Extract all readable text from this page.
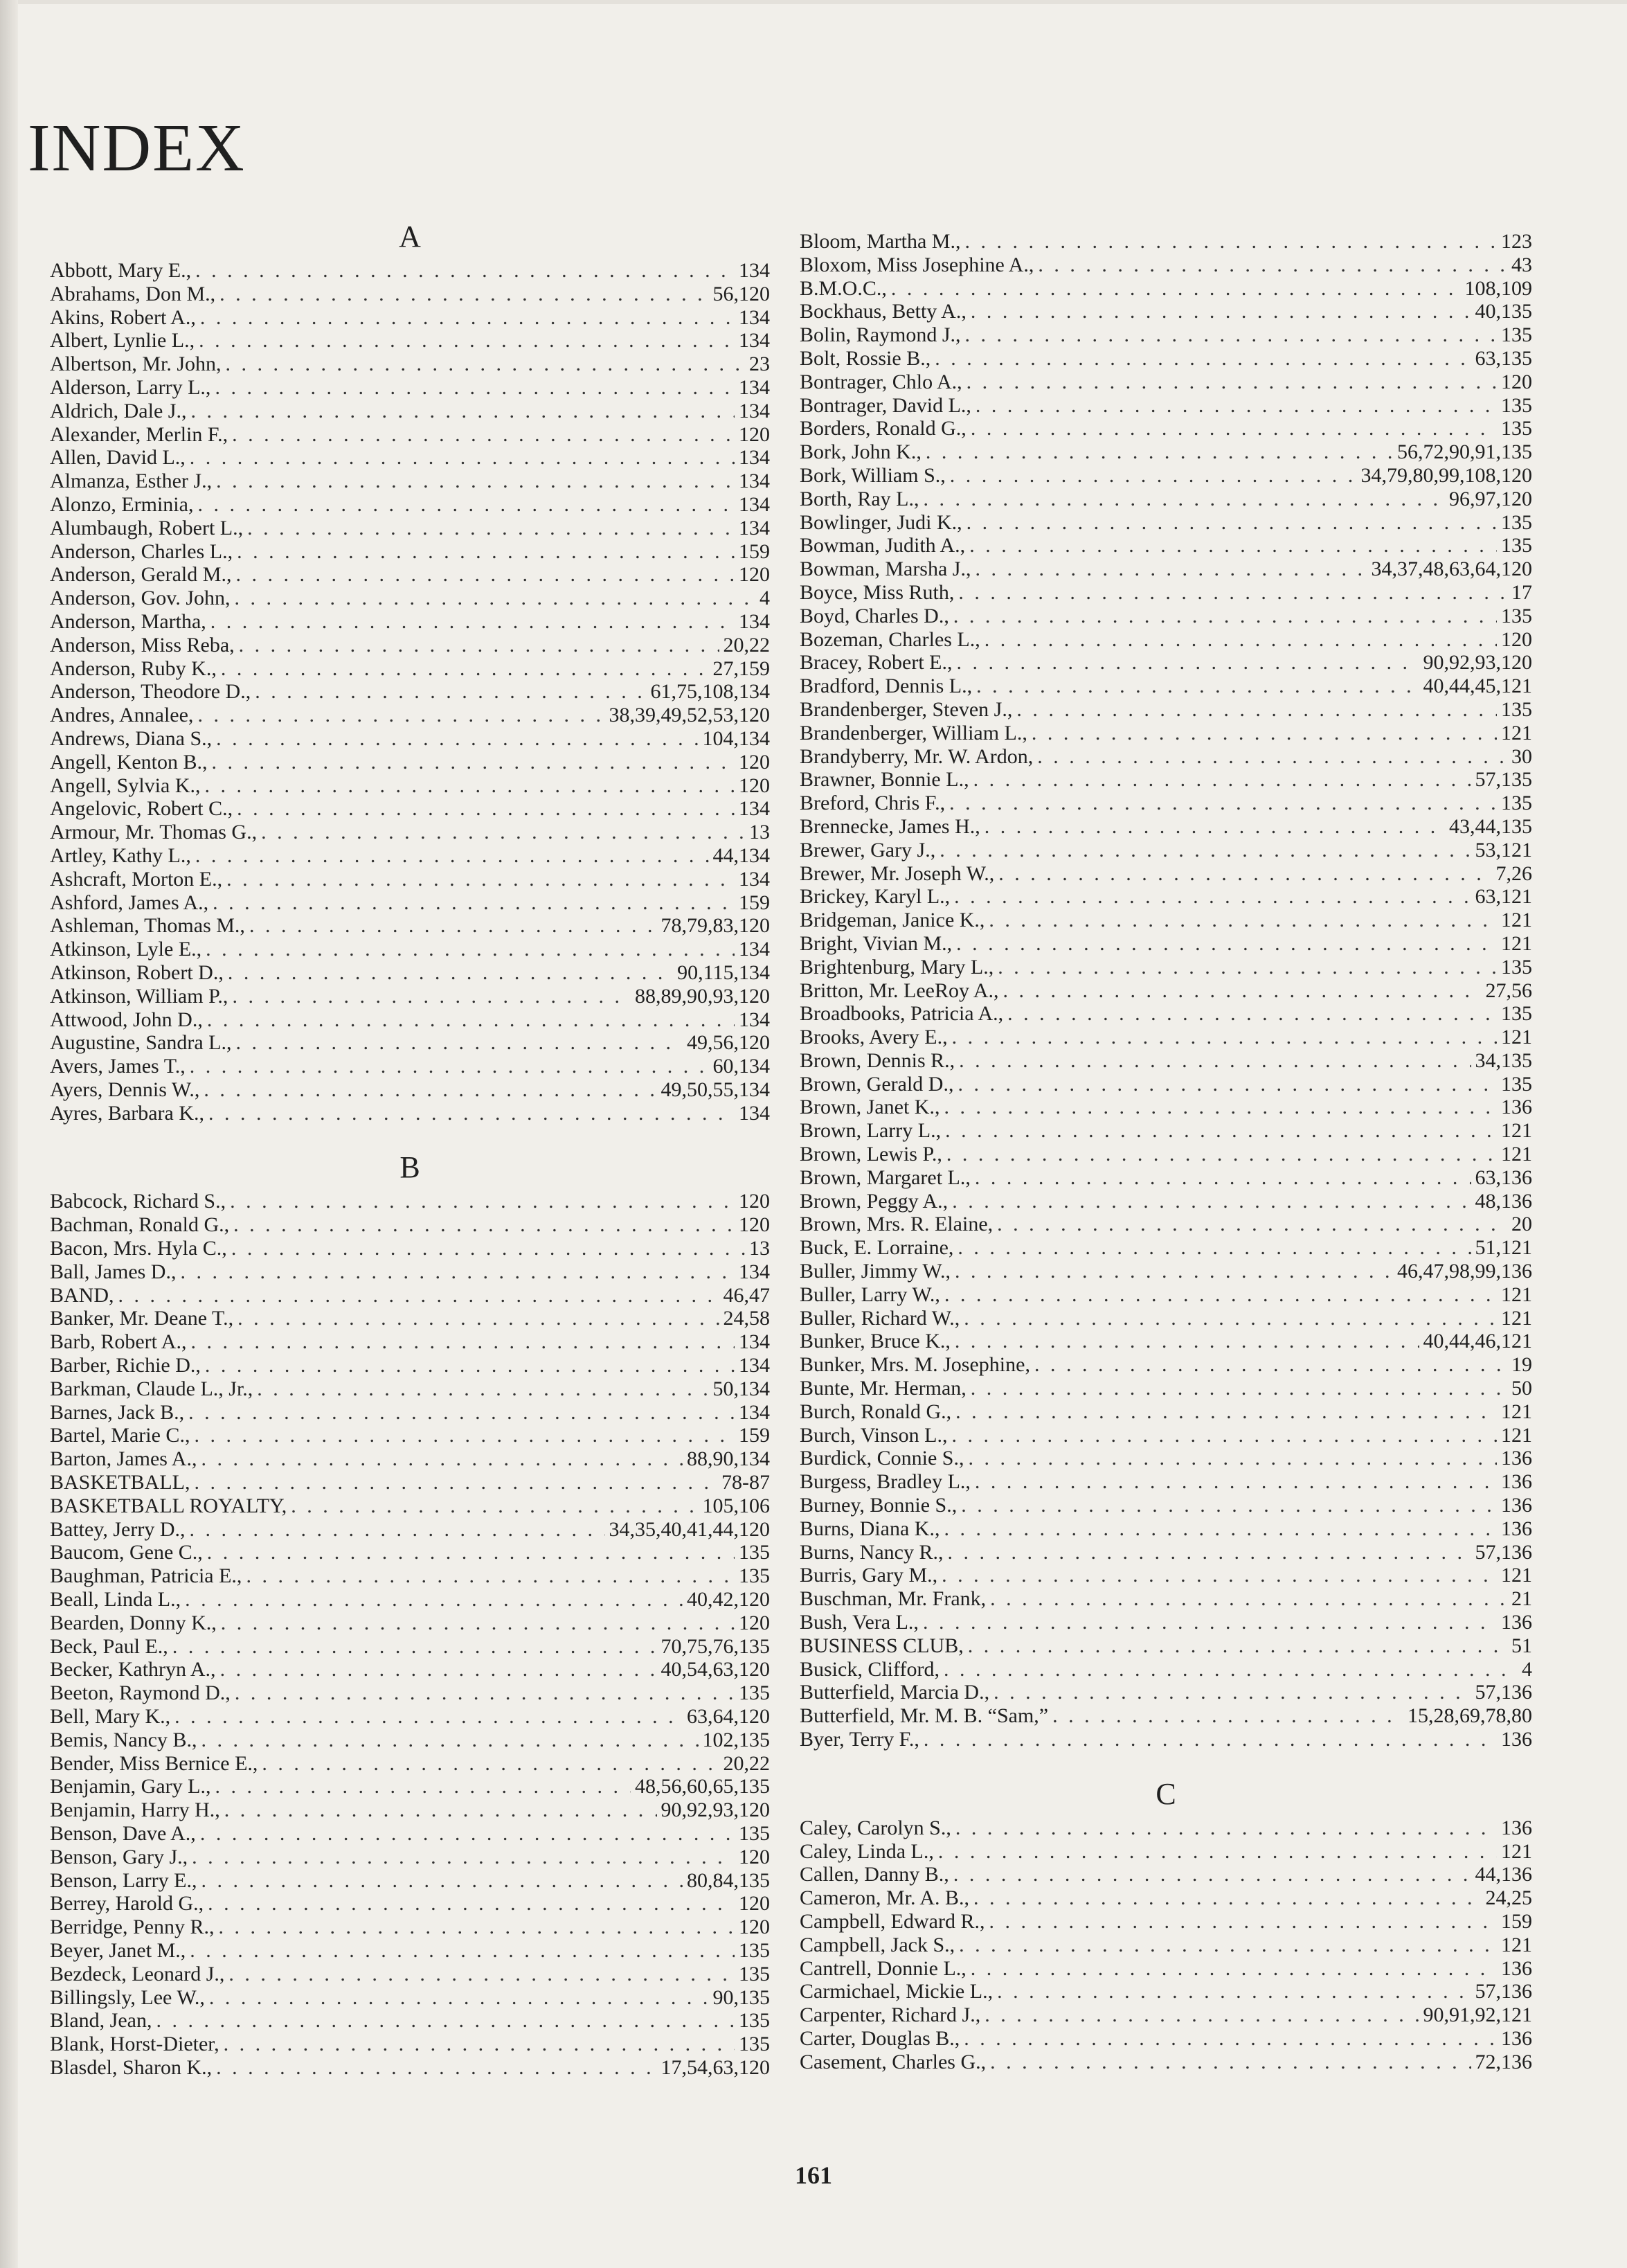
INDEX
A
Abbott, Mary E., . . .	134
Abrahams, Don M., . . .	56,120
Akins, Robert A., . . .	134
Albert, Lynlie L., . . .	134
Albertson, Mr. John, . . .	23
Alderson, Larry L., . . .	134
Aldrich, Dale J., . . .	134
Alexander, Merlin F., . . .	120
Allen, David L., . . .	134
Almanza, Esther J., . . .	134
Alonzo, Erminia, . . .	134
Alumbaugh, Robert L., . . .	134
Anderson, Charles L., . . .	159
Anderson, Gerald M., . . .	120
Anderson, Gov. John, . . .	4
Anderson, Martha, . . .	134
Anderson, Miss Reba, . . .	20,22
Anderson, Ruby K., . . .	27,159
Anderson, Theodore D., . . .	61,75,108,134
Andres, Annalee, . . .	38,39,49,52,53,120
Andrews, Diana S., . . .	104,134
Angell, Kenton B., . . .	120
Angell, Sylvia K., . . .	120
Angelovic, Robert C., . . .	134
Armour, Mr. Thomas G., . . .	13
Artley, Kathy L., . . .	44,134
Ashcraft, Morton E., . . .	134
Ashford, James A., . . .	159
Ashleman, Thomas M., . . .	78,79,83,120
Atkinson, Lyle E., . . .	134
Atkinson, Robert D., . . .	90,115,134
Atkinson, William P., . . .	88,89,90,93,120
Attwood, John D., . . .	134
Augustine, Sandra L., . . .	49,56,120
Avers, James T., . . .	60,134
Ayers, Dennis W., . . .	49,50,55,134
Ayres, Barbara K., . . .	134
B
Babcock, Richard S., . . .	120
Bachman, Ronald G., . . .	120
Bacon, Mrs. Hyla C., . . .	13
Ball, James D., . . .	134
BAND, . . .	46,47
Banker, Mr. Deane T., . . .	24,58
Barb, Robert A., . . .	134
Barber, Richie D., . . .	134
Barkman, Claude L., Jr., . . .	50,134
Barnes, Jack B., . . .	134
Bartel, Marie C., . . .	159
Barton, James A., . . .	88,90,134
BASKETBALL, . . .	78-87
BASKETBALL ROYALTY, . . .	105,106
Battey, Jerry D., . . .	34,35,40,41,44,120
Baucom, Gene C., . . .	135
Baughman, Patricia E., . . .	135
Beall, Linda L., . . .	40,42,120
Bearden, Donny K., . . .	120
Beck, Paul E., . . .	70,75,76,135
Becker, Kathryn A., . . .	40,54,63,120
Beeton, Raymond D., . . .	135
Bell, Mary K., . . .	63,64,120
Bemis, Nancy B., . . .	102,135
Bender, Miss Bernice E., . . .	20,22
Benjamin, Gary L., . . .	48,56,60,65,135
Benjamin, Harry H., . . .	90,92,93,120
Benson, Dave A., . . .	135
Benson, Gary J., . . .	120
Benson, Larry E., . . .	80,84,135
Berrey, Harold G., . . .	120
Berridge, Penny R., . . .	120
Beyer, Janet M., . . .	135
Bezdeck, Leonard J., . . .	135
Billingsly, Lee W., . . .	90,135
Bland, Jean, . . .	135
Blank, Horst-Dieter, . . .	135
Blasdel, Sharon K., . . .	17,54,63,120
Bloom, Martha M., . . .	123
Bloxom, Miss Josephine A., . . .	43
B.M.O.C., . . .	108,109
Bockhaus, Betty A., . . .	40,135
Bolin, Raymond J., . . .	135
Bolt, Rossie B., . . .	63,135
Bontrager, Chlo A., . . .	120
Bontrager, David L., . . .	135
Borders, Ronald G., . . .	135
Bork, John K., . . .	56,72,90,91,135
Bork, William S., . . .	34,79,80,99,108,120
Borth, Ray L., . . .	96,97,120
Bowlinger, Judi K., . . .	135
Bowman, Judith A., . . .	135
Bowman, Marsha J., . . .	34,37,48,63,64,120
Boyce, Miss Ruth, . . .	17
Boyd, Charles D., . . .	135
Bozeman, Charles L., . . .	120
Bracey, Robert E., . . .	90,92,93,120
Bradford, Dennis L., . . .	40,44,45,121
Brandenberger, Steven J., . . .	135
Brandenberger, William L., . . .	121
Brandyberry, Mr. W. Ardon, . . .	30
Brawner, Bonnie L., . . .	57,135
Breford, Chris F., . . .	135
Brennecke, James H., . . .	43,44,135
Brewer, Gary J., . . .	53,121
Brewer, Mr. Joseph W., . . .	7,26
Brickey, Karyl L., . . .	63,121
Bridgeman, Janice K., . . .	121
Bright, Vivian M., . . .	121
Brightenburg, Mary L., . . .	135
Britton, Mr. LeeRoy A., . . .	27,56
Broadbooks, Patricia A., . . .	135
Brooks, Avery E., . . .	121
Brown, Dennis R., . . .	34,135
Brown, Gerald D., . . .	135
Brown, Janet K., . . .	136
Brown, Larry L., . . .	121
Brown, Lewis P., . . .	121
Brown, Margaret L., . . .	63,136
Brown, Peggy A., . . .	48,136
Brown, Mrs. R. Elaine, . . .	20
Buck, E. Lorraine, . . .	51,121
Buller, Jimmy W., . . .	46,47,98,99,136
Buller, Larry W., . . .	121
Buller, Richard W., . . .	121
Bunker, Bruce K., . . .	40,44,46,121
Bunker, Mrs. M. Josephine, . . .	19
Bunte, Mr. Herman, . . .	50
Burch, Ronald G., . . .	121
Burch, Vinson L., . . .	121
Burdick, Connie S., . . .	136
Burgess, Bradley L., . . .	136
Burney, Bonnie S., . . .	136
Burns, Diana K., . . .	136
Burns, Nancy R., . . .	57,136
Burris, Gary M., . . .	121
Buschman, Mr. Frank, . . .	21
Bush, Vera L., . . .	136
BUSINESS CLUB, . . .	51
Busick, Clifford, . . .	4
Butterfield, Marcia D., . . .	57,136
Butterfield, Mr. M. B. “Sam,” . . .	15,28,69,78,80
Byer, Terry F., . . .	136
C
Caley, Carolyn S., . . .	136
Caley, Linda L., . . .	121
Callen, Danny B., . . .	44,136
Cameron, Mr. A. B., . . .	24,25
Campbell, Edward R., . . .	159
Campbell, Jack S., . . .	121
Cantrell, Donnie L., . . .	136
Carmichael, Mickie L., . . .	57,136
Carpenter, Richard J., . . .	90,91,92,121
Carter, Douglas B., . . .	136
Casement, Charles G., . . .	72,136
161
